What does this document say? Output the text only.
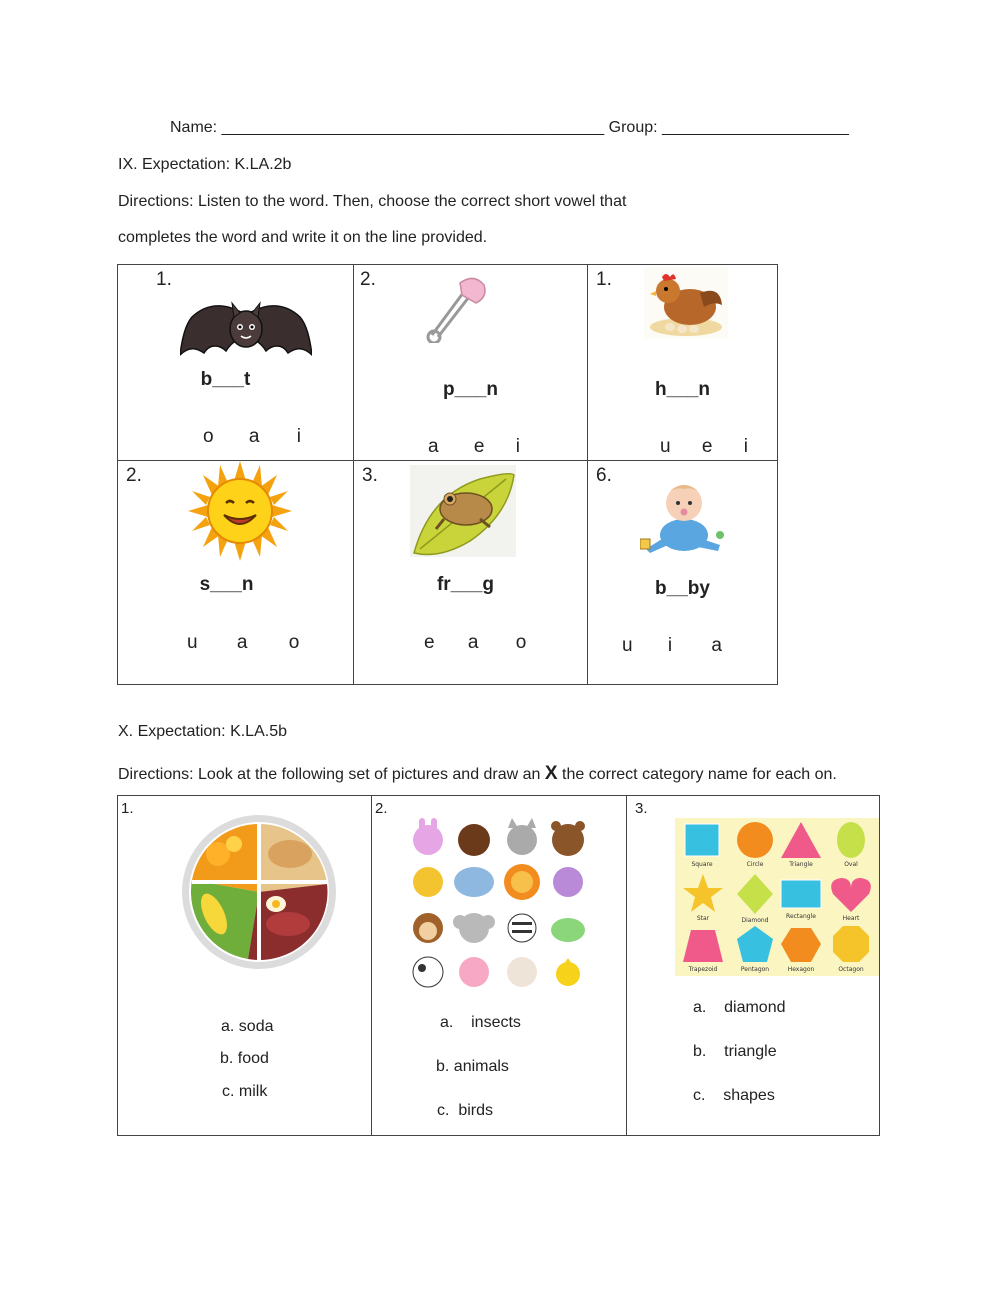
Name: ___________________________________________ Group: _____________________
IX. Expectation: K.LA.2b
Directions: Listen to the word. Then, choose the correct short vowel that
completes the word and write it on the line provided.
1.
b___t
o a i
2.
p___n
a e i
1.
h___n
u e i
2.
s___n
u a o
3.
fr___g
e a o
6.
b__by
u i a
X. Expectation: K.LA.5b
Directions: Look at the following set of pictures and draw an X the correct category name for each on.
1.
a. soda
b. food
c. milk
2.
a.    insects
b. animals
c.  birds
3.
Square	Circle	Triangle	Oval
Star	Diamond
Rectangle	Heart
Trapezoid	Pentagon	Hexagon	Octagon
a.    diamond
b.    triangle
c.    shapes
